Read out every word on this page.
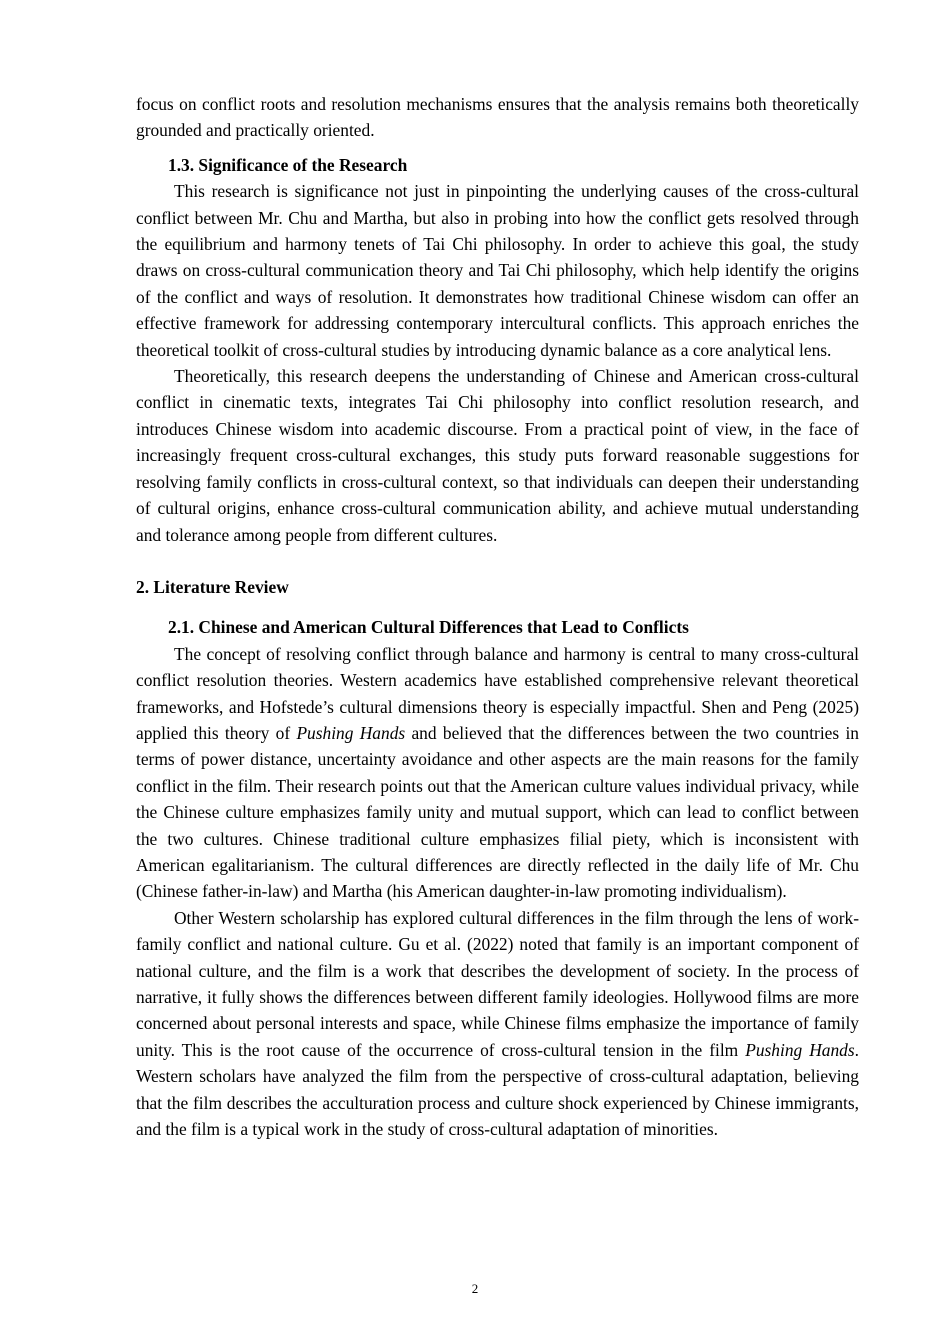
focus on conflict roots and resolution mechanisms ensures that the analysis remains both theoretically grounded and practically oriented.

1.3. Significance of the Research

This research is significance not just in pinpointing the underlying causes of the cross-cultural conflict between Mr. Chu and Martha, but also in probing into how the conflict gets resolved through the equilibrium and harmony tenets of Tai Chi philosophy. In order to achieve this goal, the study draws on cross-cultural communication theory and Tai Chi philosophy, which help identify the origins of the conflict and ways of resolution. It demonstrates how traditional Chinese wisdom can offer an effective framework for addressing contemporary intercultural conflicts. This approach enriches the theoretical toolkit of cross-cultural studies by introducing dynamic balance as a core analytical lens.

Theoretically, this research deepens the understanding of Chinese and American cross-cultural conflict in cinematic texts, integrates Tai Chi philosophy into conflict resolution research, and introduces Chinese wisdom into academic discourse. From a practical point of view, in the face of increasingly frequent cross-cultural exchanges, this study puts forward reasonable suggestions for resolving family conflicts in cross-cultural context, so that individuals can deepen their understanding of cultural origins, enhance cross-cultural communication ability, and achieve mutual understanding and tolerance among people from different cultures.

2. Literature Review
2.1. Chinese and American Cultural Differences that Lead to Conflicts

The concept of resolving conflict through balance and harmony is central to many cross-cultural conflict resolution theories. Western academics have established comprehensive relevant theoretical frameworks, and Hofstede’s cultural dimensions theory is especially impactful. Shen and Peng (2025) applied this theory of Pushing Hands and believed that the differences between the two countries in terms of power distance, uncertainty avoidance and other aspects are the main reasons for the family conflict in the film. Their research points out that the American culture values individual privacy, while the Chinese culture emphasizes family unity and mutual support, which can lead to conflict between the two cultures. Chinese traditional culture emphasizes filial piety, which is inconsistent with American egalitarianism. The cultural differences are directly reflected in the daily life of Mr. Chu (Chinese father-in-law) and Martha (his American daughter-in-law promoting individualism).

Other Western scholarship has explored cultural differences in the film through the lens of work-family conflict and national culture. Gu et al. (2022) noted that family is an important component of national culture, and the film is a work that describes the development of society. In the process of narrative, it fully shows the differences between different family ideologies. Hollywood films are more concerned about personal interests and space, while Chinese films emphasize the importance of family unity. This is the root cause of the occurrence of cross-cultural tension in the film Pushing Hands. Western scholars have analyzed the film from the perspective of cross-cultural adaptation, believing that the film describes the acculturation process and culture shock experienced by Chinese immigrants, and the film is a typical work in the study of cross-cultural adaptation of minorities.

2
